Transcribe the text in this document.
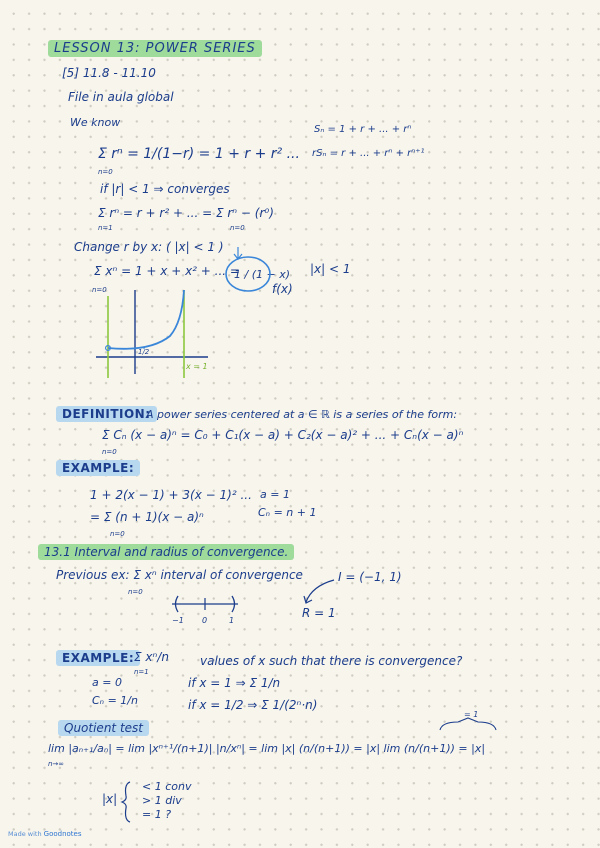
LESSON 13: POWER SERIES
[5] 11.8 - 11.10
File in aula global
We know
Σ rⁿ = 1/(1−r) = 1 + r + r² ...
n=0
Sₙ = 1 + r + ... + rⁿ
rSₙ = r + ... + rⁿ + rⁿ⁺¹
if |r| < 1 ⇒ converges
Σ rⁿ = r + r² + ... = Σ rⁿ − (r⁰)
n=1	n=0
Change r by x: ( |x| < 1 )
Σ xⁿ = 1 + x + x² + ... =
n=0
1 / (1 − x)
f(x)
|x| < 1
1/2
x = 1
DEFINITION:
A power series centered at a ∈ ℝ is a series of the form:
Σ Cₙ (x − a)ⁿ = C₀ + C₁(x − a) + C₂(x − a)² + ... + Cₙ(x − a)ⁿ
n=0
EXAMPLE:
1 + 2(x − 1) + 3(x − 1)² ...
= Σ (n + 1)(x − a)ⁿ
n=0
a = 1
Cₙ = n + 1
13.1 Interval and radius of convergence.
Previous ex: Σ xⁿ interval of convergence
n=0
I = (−1, 1)
R = 1
−1 0	1
EXAMPLE: Σ xⁿ/n
n=1
values of x such that there is convergence?
a = 0
Cₙ = 1/n
if x = 1 ⇒ Σ 1/n
if x = 1/2 ⇒ Σ 1/(2ⁿ·n)
Quotient test
= 1
lim |aₙ₊₁/aₙ| = lim |xⁿ⁺¹/(n+1)| |n/xⁿ| = lim |x| (n/(n+1)) = |x| lim (n/(n+1)) = |x|
n→∞
|x|
< 1 conv
> 1 div
= 1 ?
Made with Goodnotes
